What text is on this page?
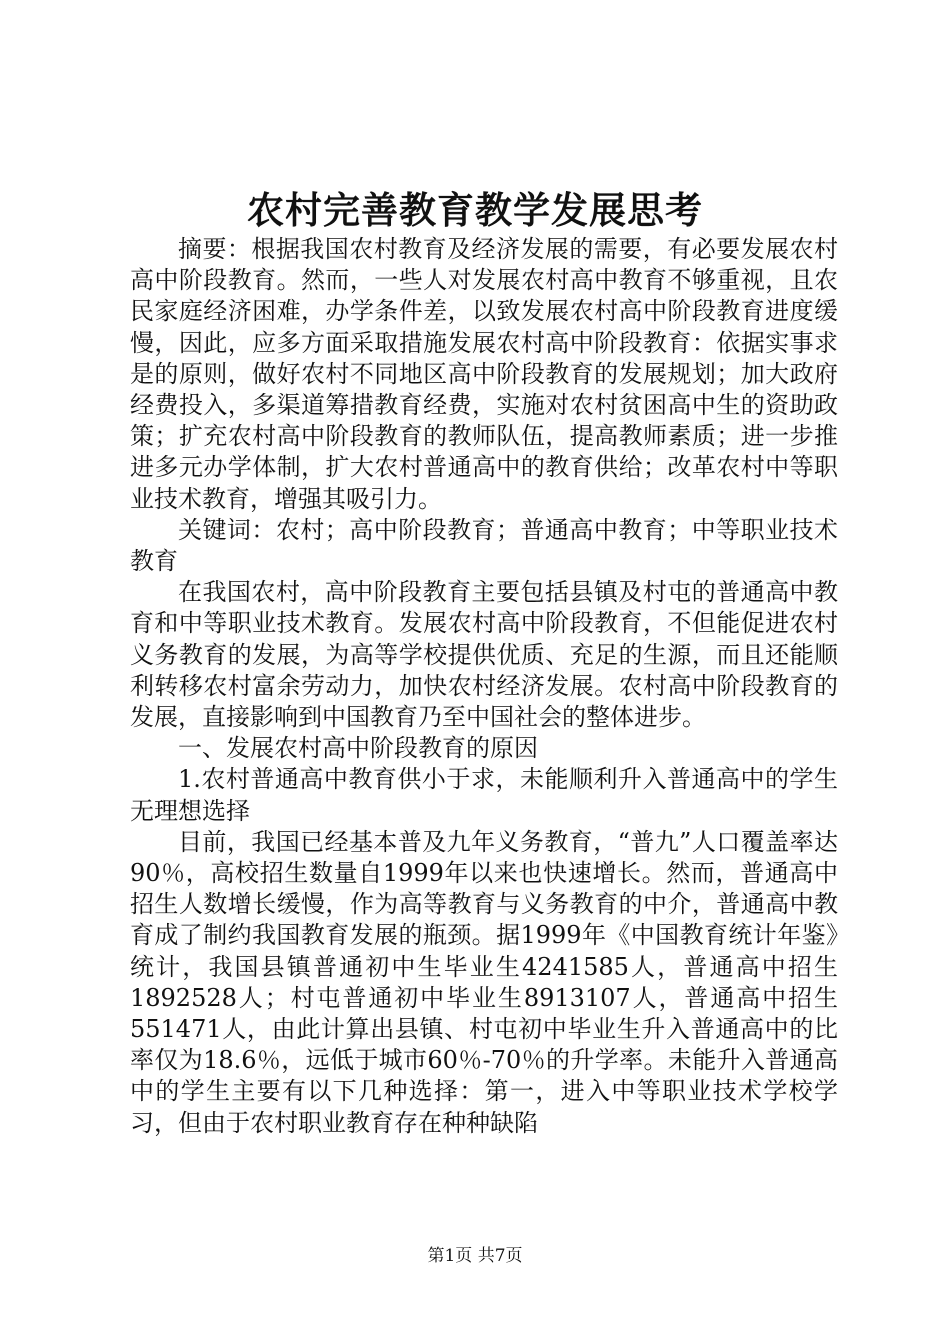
农村完善教育教学发展思考

摘要：根据我国农村教育及经济发展的需要，有必要发展农村高中阶段教育。然而，一些人对发展农村高中教育不够重视，且农民家庭经济困难，办学条件差，以致发展农村高中阶段教育进度缓慢，因此，应多方面采取措施发展农村高中阶段教育：依据实事求是的原则，做好农村不同地区高中阶段教育的发展规划；加大政府经费投入，多渠道筹措教育经费，实施对农村贫困高中生的资助政策；扩充农村高中阶段教育的教师队伍，提高教师素质；进一步推进多元办学体制，扩大农村普通高中的教育供给；改革农村中等职业技术教育，增强其吸引力。

关键词：农村；高中阶段教育；普通高中教育；中等职业技术教育

在我国农村，高中阶段教育主要包括县镇及村屯的普通高中教育和中等职业技术教育。发展农村高中阶段教育，不但能促进农村义务教育的发展，为高等学校提供优质、充足的生源，而且还能顺利转移农村富余劳动力，加快农村经济发展。农村高中阶段教育的发展，直接影响到中国教育乃至中国社会的整体进步。

一、发展农村高中阶段教育的原因

1.农村普通高中教育供小于求，未能顺利升入普通高中的学生无理想选择

目前，我国已经基本普及九年义务教育，“普九”人口覆盖率达90％，高校招生数量自1999年以来也快速增长。然而，普通高中招生人数增长缓慢，作为高等教育与义务教育的中介，普通高中教育成了制约我国教育发展的瓶颈。据1999年《中国教育统计年鉴》统计，我国县镇普通初中生毕业生4241585人，普通高中招生1892528人；村屯普通初中毕业生8913107人，普通高中招生551471人，由此计算出县镇、村屯初中毕业生升入普通高中的比率仅为18.6％，远低于城市60％-70％的升学率。未能升入普通高中的学生主要有以下几种选择：第一，进入中等职业技术学校学习，但由于农村职业教育存在种种缺陷

第1页 共7页
